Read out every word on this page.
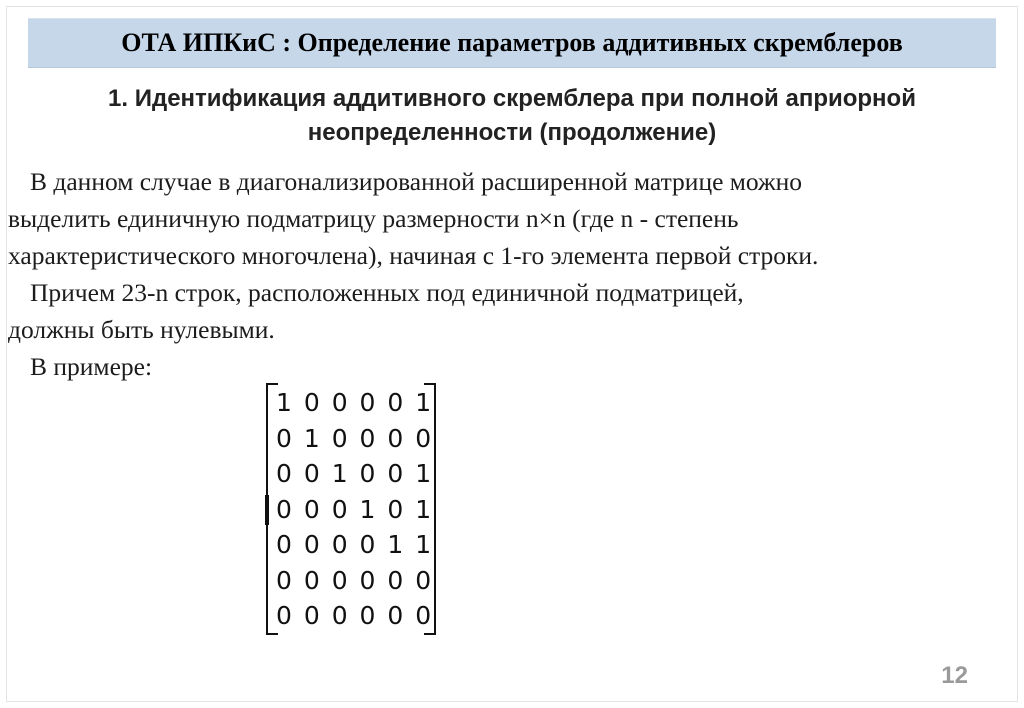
ОТА ИПКиС : Определение параметров аддитивных скремблеров
1. Идентификация аддитивного скремблера при полной априорной
неопределенности (продолжение)

В данном случае в диагонализированной расширенной матрице можно

выделить единичную подматрицу размерности n×n (где n - степень
характеристического многочлена), начиная с 1-го элемента первой строки.

Причем 23-n строк, расположенных под единичной подматрицей,

должны быть нулевыми.

В примере:

1 0 0 0 0 1
0 1 0 0 0 0
0 0 1 0 0 1
0 0 0 1 0 1
0 0 0 0 1 1
0 0 0 0 0 0
0 0 0 0 0 0
12
